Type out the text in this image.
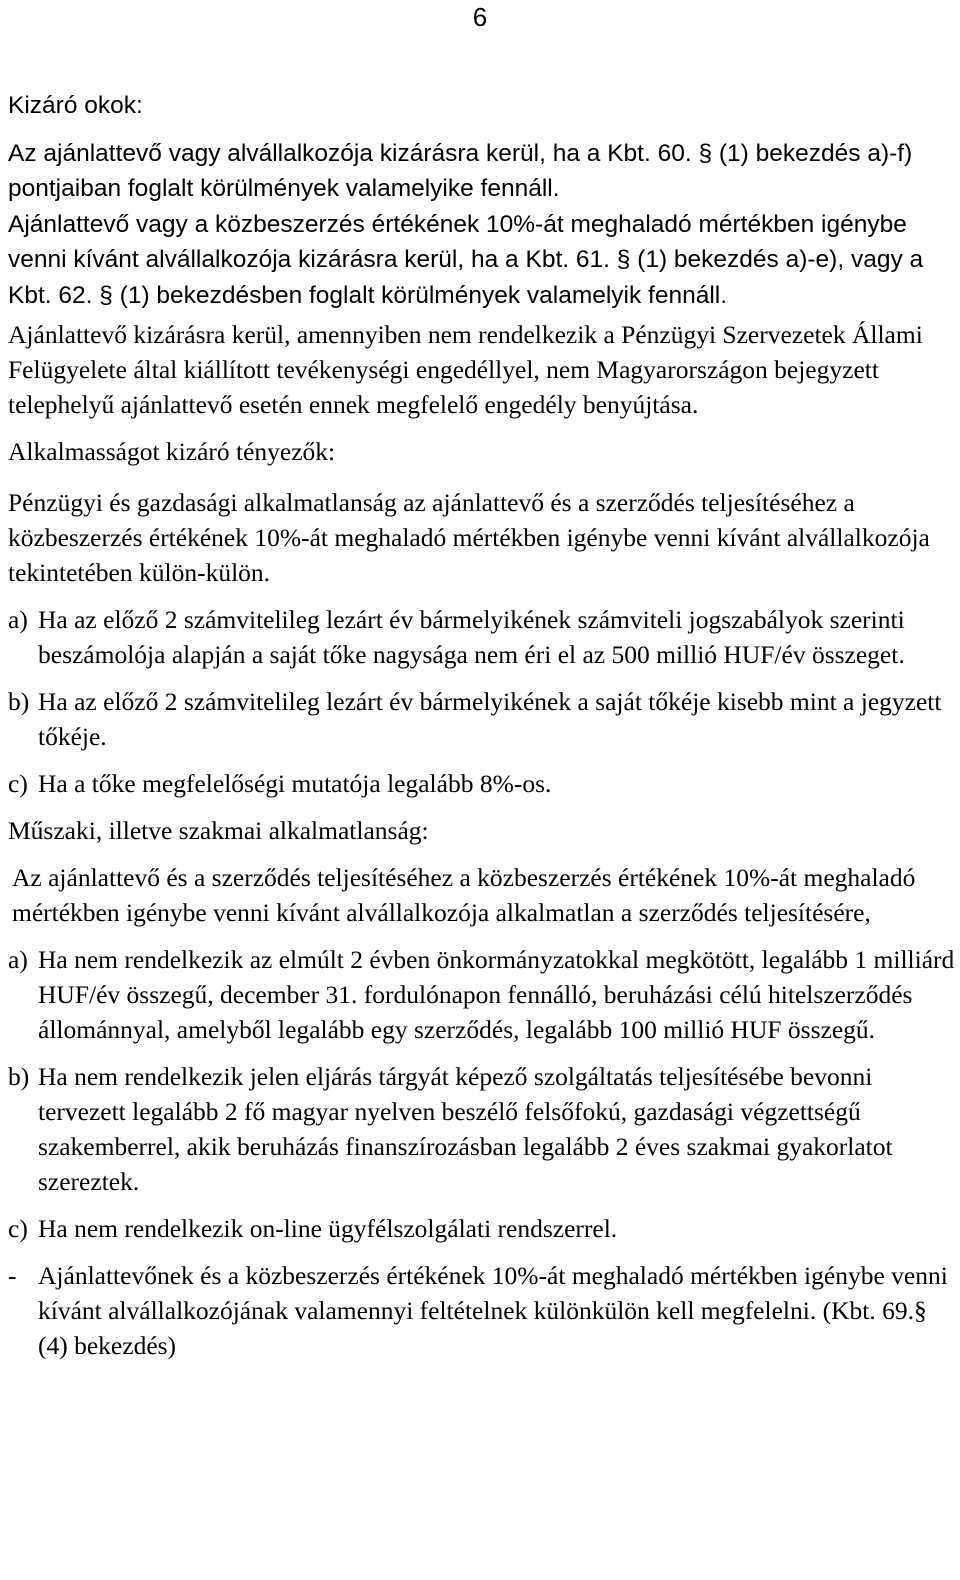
6

Kizáró okok:

Az ajánlattevő vagy alvállalkozója kizárásra kerül, ha a Kbt. 60. § (1) bekezdés a)-f) pontjaiban foglalt körülmények valamelyike fennáll.

Ajánlattevő vagy a közbeszerzés értékének 10%-át meghaladó mértékben igénybe venni kívánt alvállalkozója kizárásra kerül, ha a Kbt. 61. § (1) bekezdés a)-e), vagy a Kbt. 62. § (1) bekezdésben foglalt körülmények valamelyik fennáll.

Ajánlattevő kizárásra kerül, amennyiben nem rendelkezik a Pénzügyi Szervezetek Állami Felügyelete által kiállított tevékenységi engedéllyel, nem Magyarországon bejegyzett telephelyű ajánlattevő esetén ennek megfelelő engedély benyújtása.

Alkalmasságot kizáró tényezők:

Pénzügyi és gazdasági alkalmatlanság az ajánlattevő és a szerződés teljesítéséhez a közbeszerzés értékének 10%-át meghaladó mértékben igénybe venni kívánt alvállalkozója tekintetében külön-külön.

a) Ha az előző 2 számvitelileg lezárt év bármelyikének számviteli jogszabályok szerinti beszámolója alapján a saját tőke nagysága nem éri el az 500 millió HUF/év összeget.
b) Ha az előző 2 számvitelileg lezárt év bármelyikének a saját tőkéje kisebb mint a jegyzett tőkéje.
c) Ha a tőke megfelelőségi mutatója legalább 8%-os.

Műszaki, illetve szakmai alkalmatlanság:

Az ajánlattevő és a szerződés teljesítéséhez a közbeszerzés értékének 10%-át meghaladó mértékben igénybe venni kívánt alvállalkozója alkalmatlan a szerződés teljesítésére,

a) Ha nem rendelkezik az elmúlt 2 évben önkormányzatokkal megkötött, legalább 1 milliárd HUF/év összegű, december 31. fordulónapon fennálló, beruházási célú hitelszerződés állománnyal, amelyből legalább egy szerződés, legalább 100 millió HUF összegű.
b) Ha nem rendelkezik jelen eljárás tárgyát képező szolgáltatás teljesítésébe bevonni tervezett legalább 2 fő magyar nyelven beszélő felsőfokú, gazdasági végzettségű szakemberrel, akik beruházás finanszírozásban legalább 2 éves szakmai gyakorlatot szereztek.
c) Ha nem rendelkezik on-line ügyfélszolgálati rendszerrel.
- Ajánlattevőnek és a közbeszerzés értékének 10%-át meghaladó mértékben igénybe venni kívánt alvállalkozójának valamennyi feltételnek különkülön kell megfelelni. (Kbt. 69.§ (4) bekezdés)
